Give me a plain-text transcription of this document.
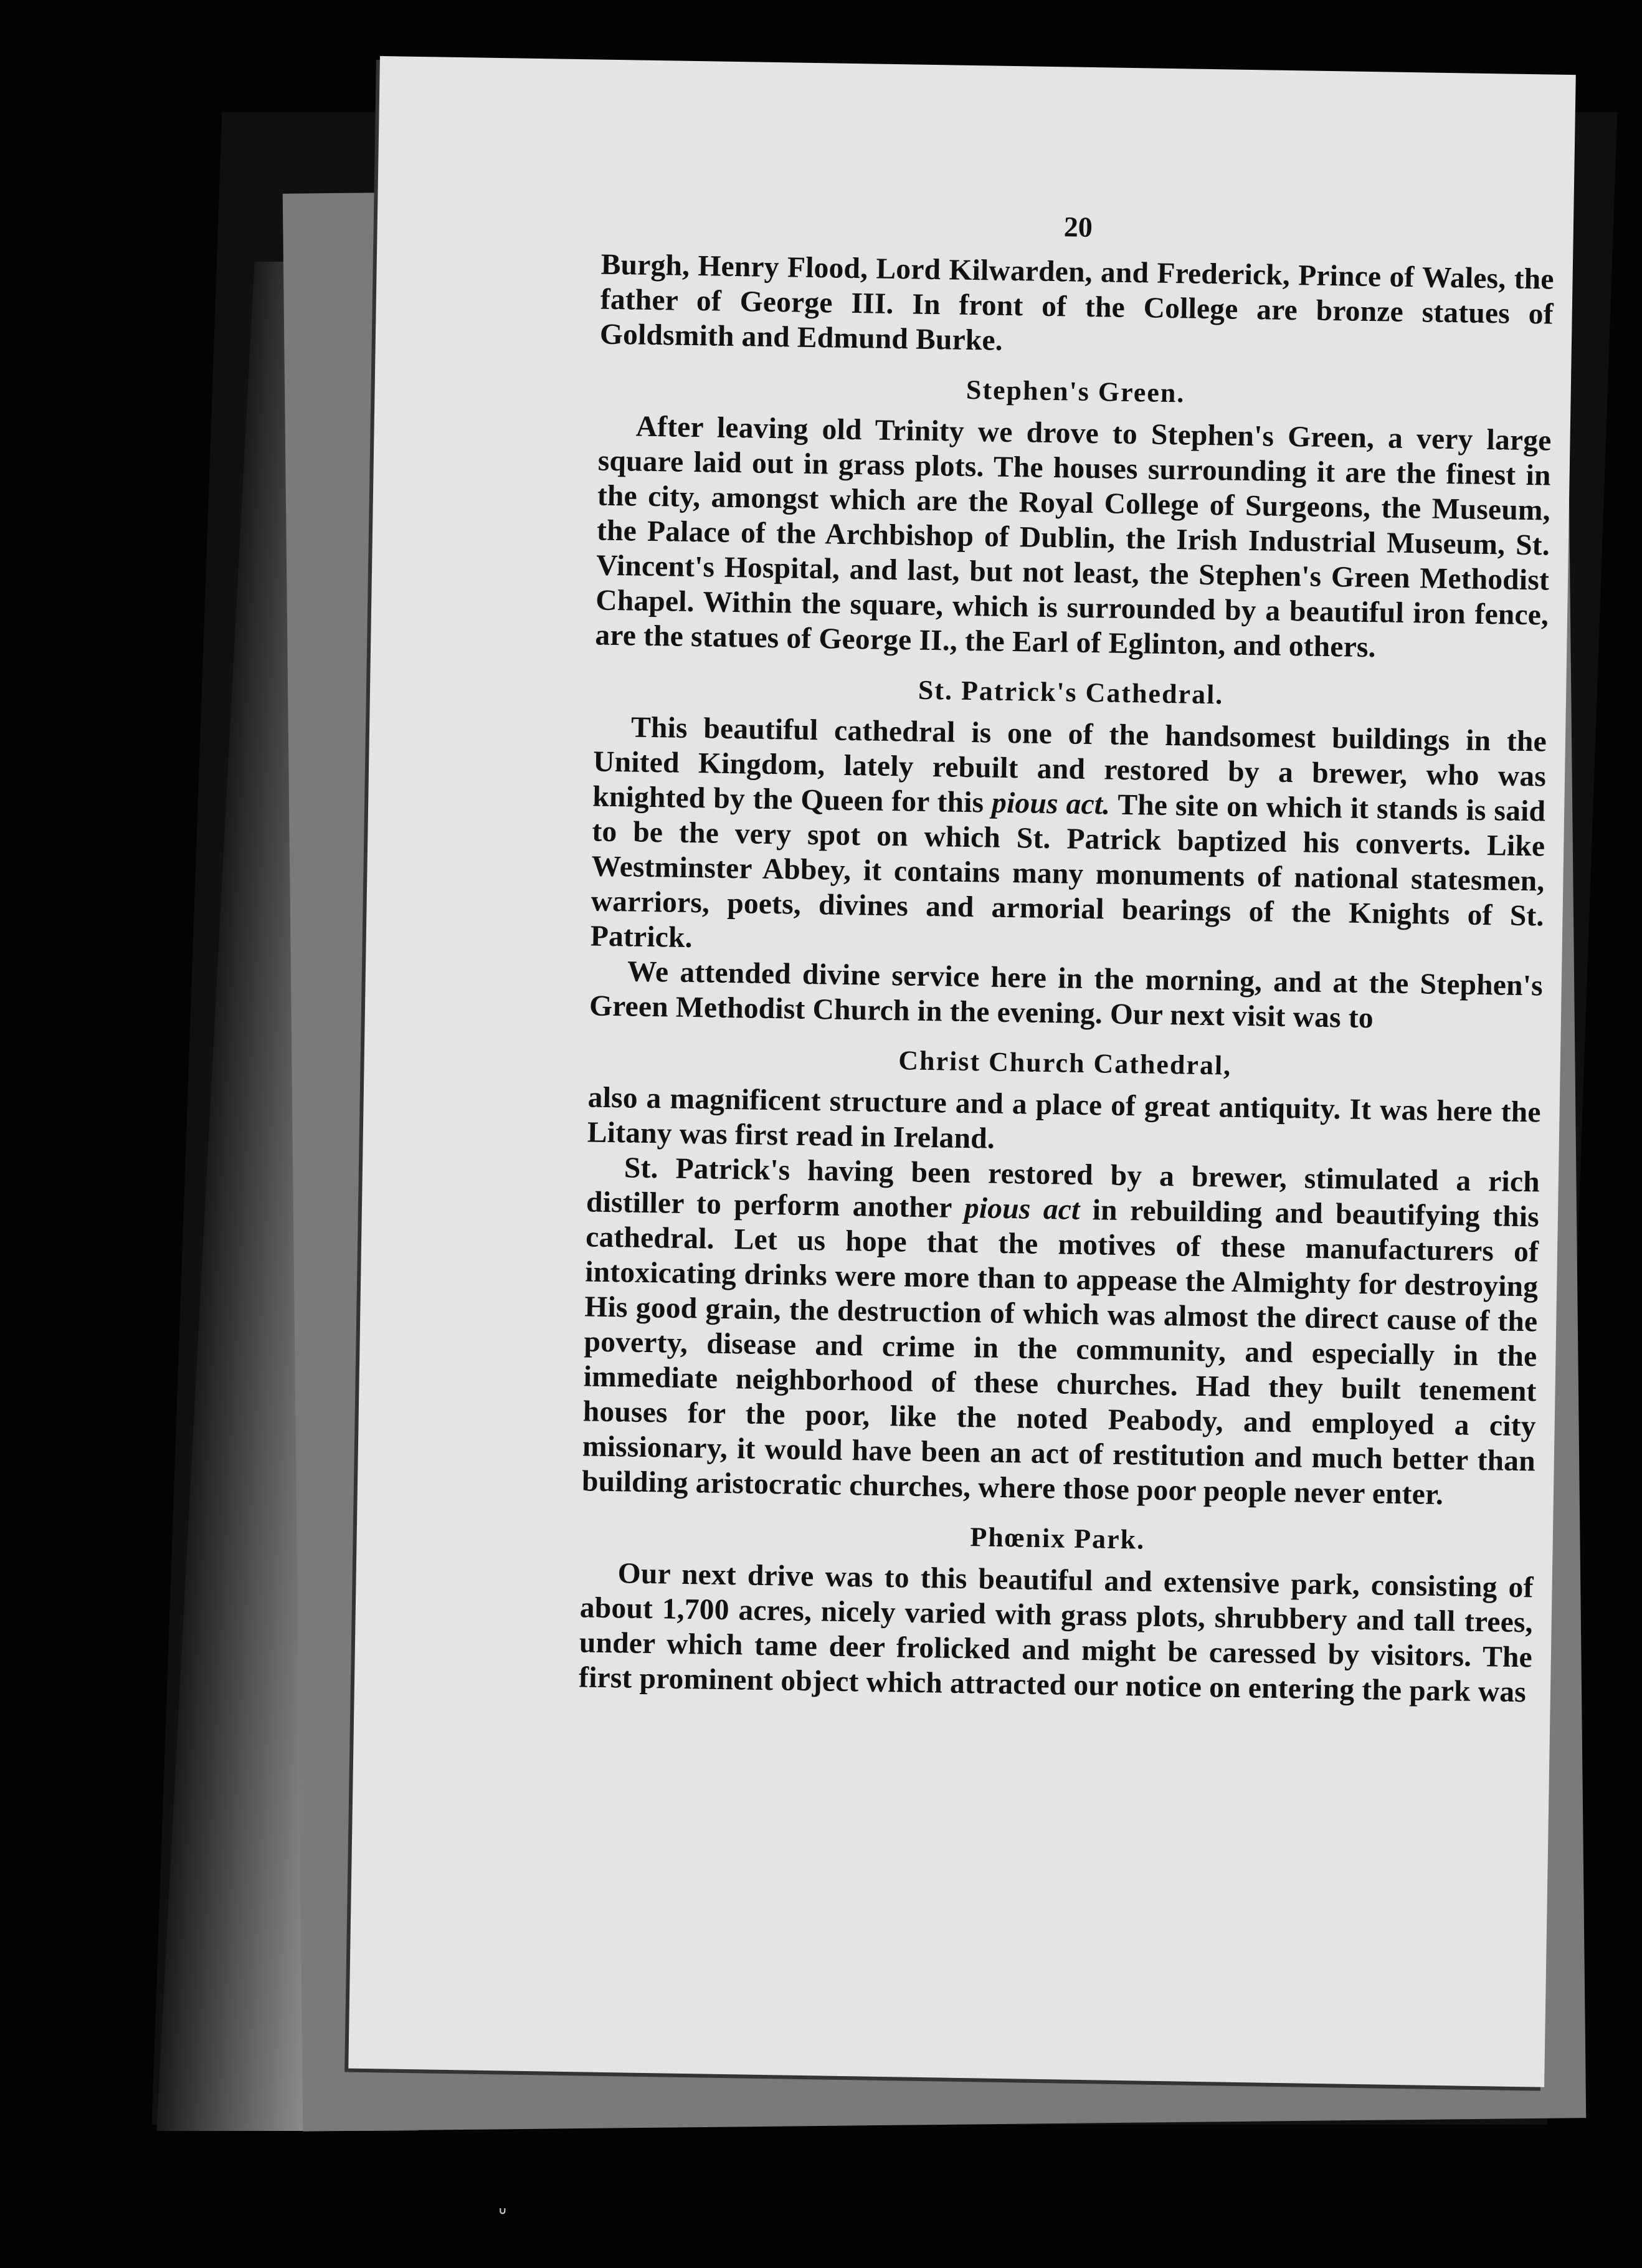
ᐡ
20

Burgh, Henry Flood, Lord Kilwarden, and Frederick, Prince of Wales, the father of George III. In front of the College are bronze statues of Goldsmith and Edmund Burke.

Stephen's Green.

After leaving old Trinity we drove to Stephen's Green, a very large square laid out in grass plots. The houses surrounding it are the finest in the city, amongst which are the Royal College of Surgeons, the Museum, the Palace of the Archbishop of Dublin, the Irish Industrial Museum, St. Vincent's Hospital, and last, but not least, the Stephen's Green Methodist Chapel. Within the square, which is surrounded by a beautiful iron fence, are the statues of George II., the Earl of Eglinton, and others.

St. Patrick's Cathedral.

This beautiful cathedral is one of the handsomest buildings in the United Kingdom, lately rebuilt and restored by a brewer, who was knighted by the Queen for this pious act. The site on which it stands is said to be the very spot on which St. Patrick baptized his converts. Like Westminster Abbey, it contains many monuments of national statesmen, warriors, poets, divines and armorial bearings of the Knights of St. Patrick.

We attended divine service here in the morning, and at the Stephen's Green Methodist Church in the evening. Our next visit was to

Christ Church Cathedral,

also a magnificent structure and a place of great antiquity. It was here the Litany was first read in Ireland.

St. Patrick's having been restored by a brewer, stimulated a rich distiller to perform another pious act in rebuilding and beautifying this cathedral. Let us hope that the motives of these manufacturers of intoxicating drinks were more than to appease the Almighty for destroying His good grain, the destruction of which was almost the direct cause of the poverty, disease and crime in the community, and especially in the immediate neighborhood of these churches. Had they built tenement houses for the poor, like the noted Peabody, and employed a city missionary, it would have been an act of restitution and much better than building aristocratic churches, where those poor people never enter.

Phœnix Park.

Our next drive was to this beautiful and extensive park, consisting of about 1,700 acres, nicely varied with grass plots, shrubbery and tall trees, under which tame deer frolicked and might be caressed by visitors. The first prominent object which attracted our notice on entering the park was
